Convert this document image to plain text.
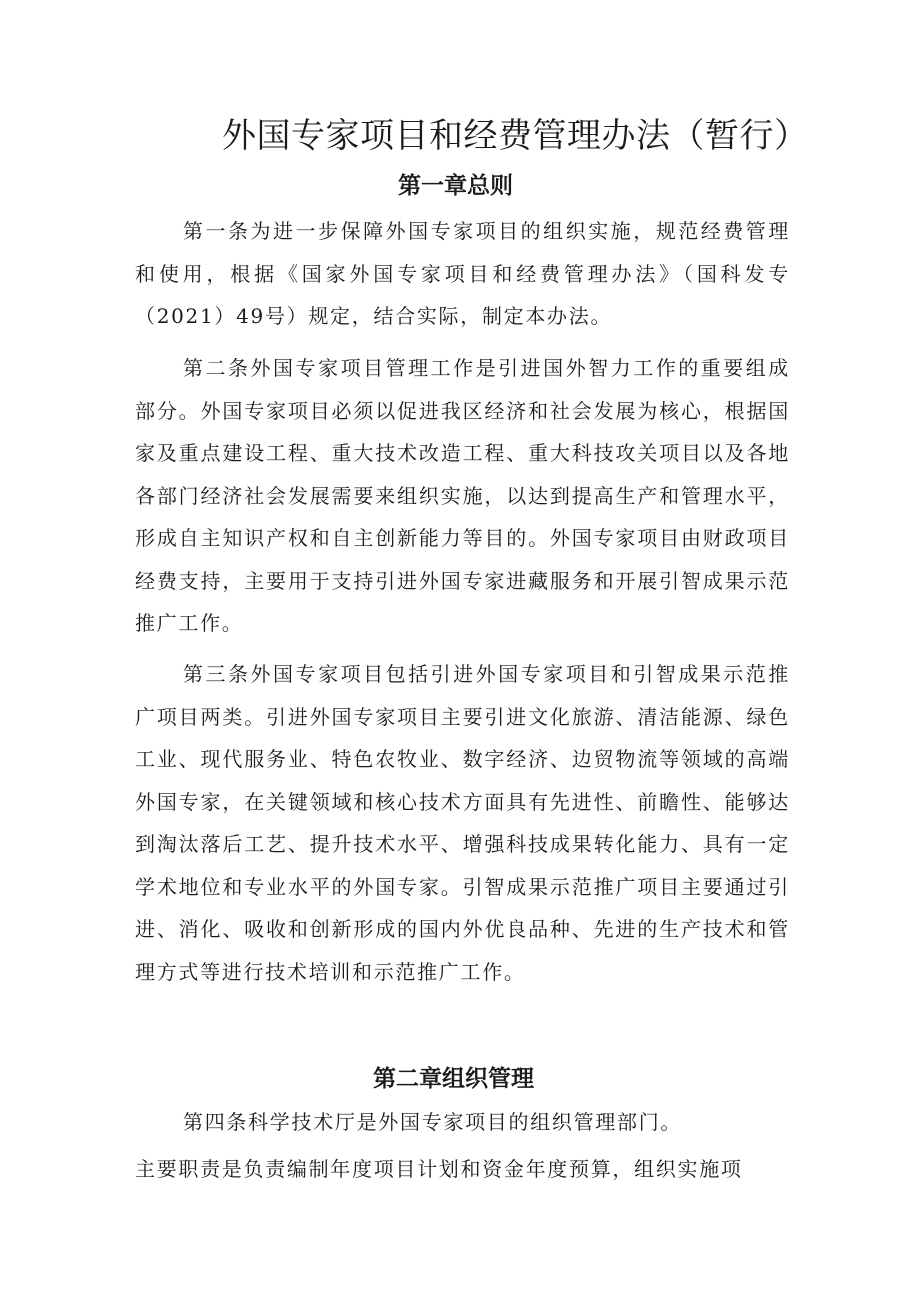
外国专家项目和经费管理办法（暂行）
第一章总则

第一条为进一步保障外国专家项目的组织实施，规范经费管理和使用，根据《国家外国专家项目和经费管理办法》（国科发专（2021）49号）规定，结合实际，制定本办法。

第二条外国专家项目管理工作是引进国外智力工作的重要组成部分。外国专家项目必须以促进我区经济和社会发展为核心，根据国家及重点建设工程、重大技术改造工程、重大科技攻关项目以及各地各部门经济社会发展需要来组织实施，以达到提高生产和管理水平，形成自主知识产权和自主创新能力等目的。外国专家项目由财政项目经费支持，主要用于支持引进外国专家进藏服务和开展引智成果示范推广工作。

第三条外国专家项目包括引进外国专家项目和引智成果示范推广项目两类。引进外国专家项目主要引进文化旅游、清洁能源、绿色工业、现代服务业、特色农牧业、数字经济、边贸物流等领域的高端外国专家，在关键领域和核心技术方面具有先进性、前瞻性、能够达到淘汰落后工艺、提升技术水平、增强科技成果转化能力、具有一定学术地位和专业水平的外国专家。引智成果示范推广项目主要通过引进、消化、吸收和创新形成的国内外优良品种、先进的生产技术和管理方式等进行技术培训和示范推广工作。

第二章组织管理

第四条科学技术厅是外国专家项目的组织管理部门。

主要职责是负责编制年度项目计划和资金年度预算，组织实施项
